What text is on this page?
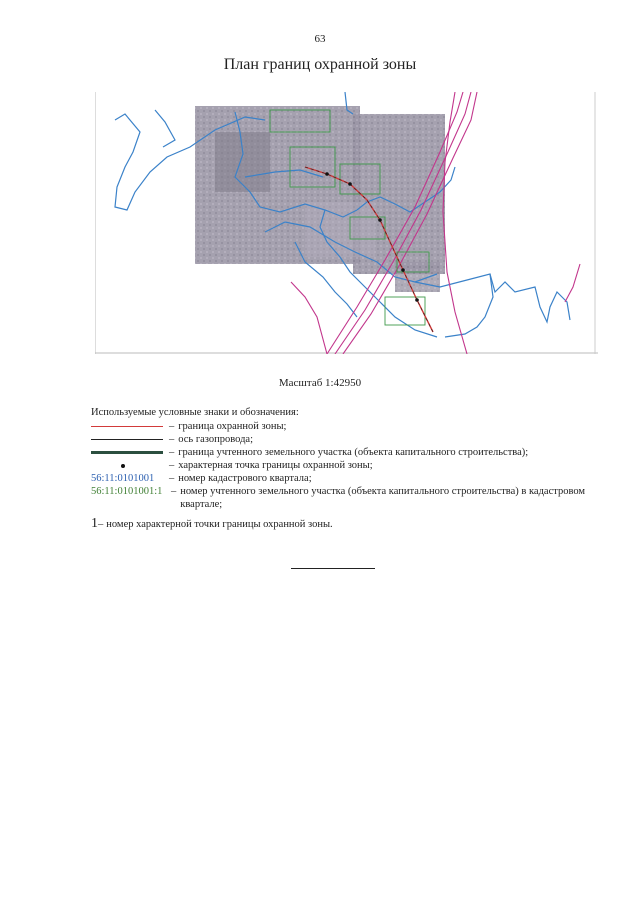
63
План границ охранной зоны
Масштаб 1:42950
Используемые условные знаки и обозначения:
– граница охранной зоны;
– ось газопровода;
– граница учтенного земельного участка (объекта капитального строительства);
– характерная точка границы охранной зоны;
56:11:0101001	– номер кадастрового квартала;
56:11:0101001:1 – номер учтенного земельного участка (объекта капитального строительства) в кадастровом квартале;
1 – номер характерной точки границы охранной зоны.
